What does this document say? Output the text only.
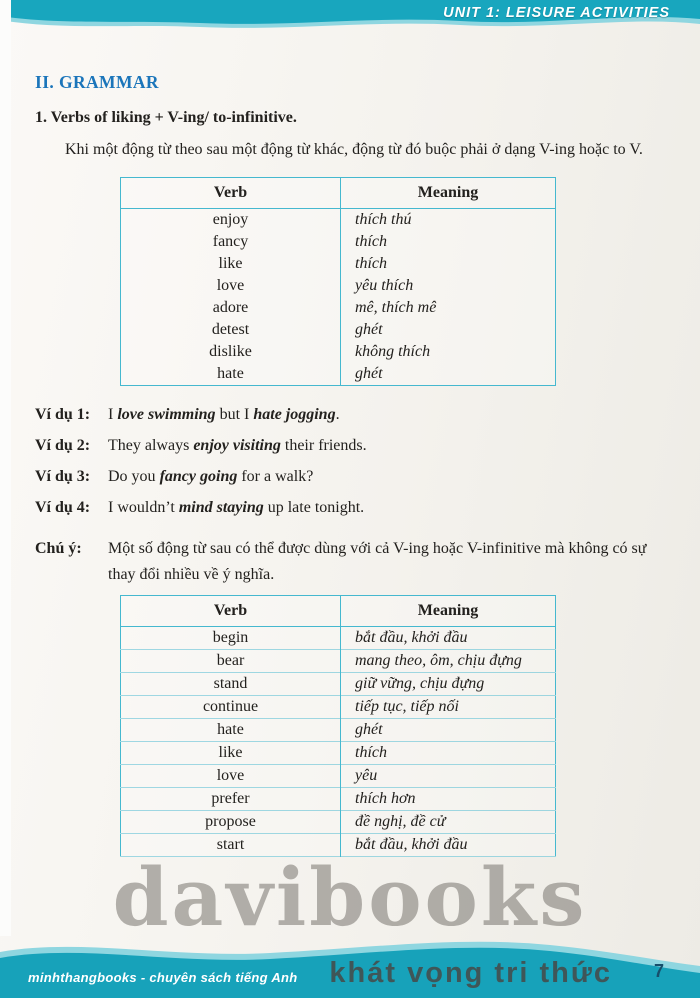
UNIT 1: LEISURE ACTIVITIES
II. GRAMMAR
1. Verbs of liking + V-ing/ to-infinitive.

Khi một động từ theo sau một động từ khác, động từ đó buộc phải ở dạng V-ing hoặc to V.

Verb	Meaning
enjoy	thích thú
fancy	thích
like	thích
love	yêu thích
adore	mê, thích mê
detest	ghét
dislike	không thích
hate	ghét
Ví dụ 1:	I love swimming but I hate jogging.
Ví dụ 2:	They always enjoy visiting their friends.
Ví dụ 3:	Do you fancy going for a walk?
Ví dụ 4:	I wouldn’t mind staying up late tonight.
Chú ý:	Một số động từ sau có thể được dùng với cả V-ing hoặc V-infinitive mà không có sự thay đổi nhiều về ý nghĩa.
Verb	Meaning
begin	bắt đầu, khởi đầu
bear	mang theo, ôm, chịu đựng
stand	giữ vững, chịu đựng
continue	tiếp tục, tiếp nối
hate	ghét
like	thích
love	yêu
prefer	thích hơn
propose	đề nghị, đề cử
start	bắt đầu, khởi đầu
davibooks
minhthangbooks - chuyên sách tiếng Anh khát vọng tri thức 7
